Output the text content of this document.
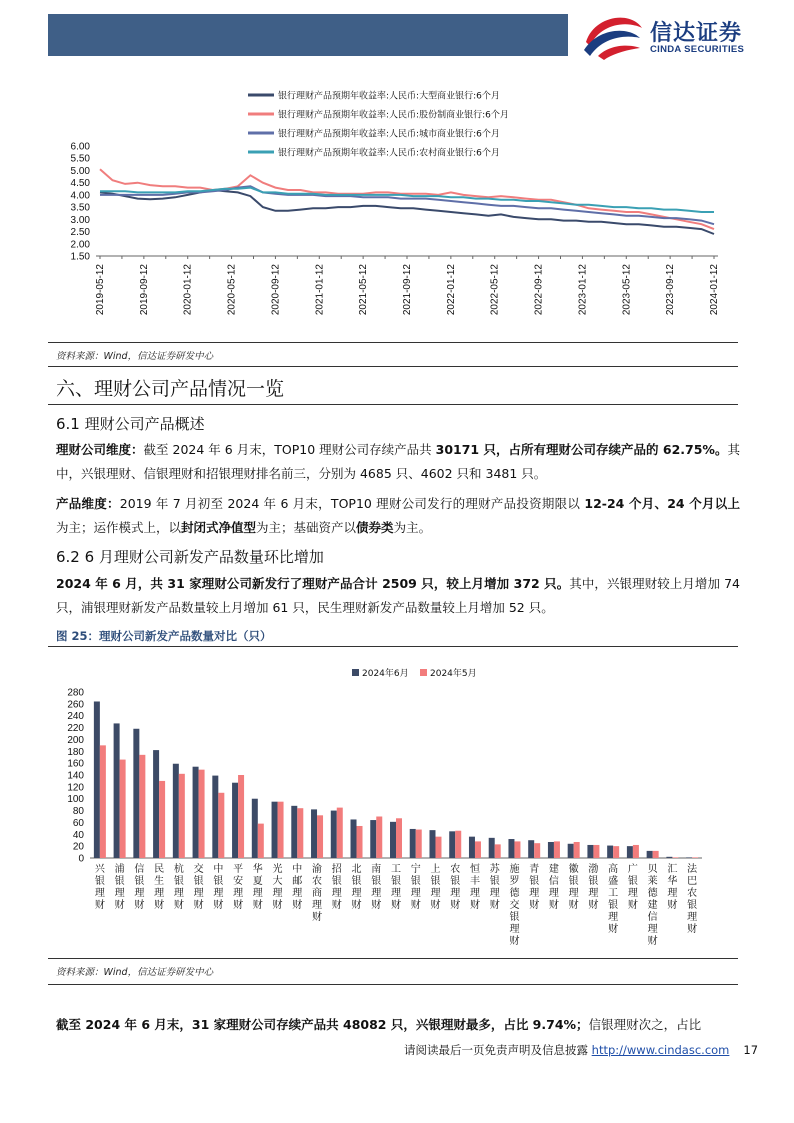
信达证券
CINDA SECURITIES
银行理财产品预期年收益率:人民币:大型商业银行:6个月
银行理财产品预期年收益率:人民币:股份制商业银行:6个月
银行理财产品预期年收益率:人民币:城市商业银行:6个月
银行理财产品预期年收益率:人民币:农村商业银行:6个月
6.00
5.50
5.00
4.50
4.00
3.50
3.00
2.50
2.00
1.50
2019-05-12	2019-09-12	2020-01-12	2020-05-12	2020-09-12	2021-01-12	2021-05-12	2021-09-12	2022-01-12	2022-05-12	2022-09-12	2023-01-12	2023-05-12	2023-09-12	2024-01-12
资料来源：Wind，信达证券研发中心
六、理财公司产品情况一览
6.1 理财公司产品概述
理财公司维度：截至 2024 年 6 月末，TOP10 理财公司存续产品共 30171 只，占所有理财公司存续产品的 62.75%。其中，兴银理财、信银理财和招银理财排名前三，分别为 4685 只、4602 只和 3481 只。
产品维度：2019 年 7 月初至 2024 年 6 月末，TOP10 理财公司发行的理财产品投资期限以 12-24 个月、24 个月以上为主；运作模式上，以封闭式净值型为主；基础资产以债券类为主。
6.2 6 月理财公司新发产品数量环比增加
2024 年 6 月，共 31 家理财公司新发行了理财产品合计 2509 只，较上月增加 372 只。其中，兴银理财较上月增加 74 只，浦银理财新发产品数量较上月增加 61 只，民生理财新发产品数量较上月增加 52 只。
图 25：理财公司新发产品数量对比（只）
2024年6月 2024年5月
280
260
240
220
200
180
160
140
120
100
80
60
40
20
0
兴银理财
浦银理财
信银理财
民生理财
杭银理财
交银理财
中银理财
平安理财
华夏理财
光大理财
中邮理财
渝农商理财
招银理财
北银理财
南银理财
工银理财
宁银理财
上银理财
农银理财
恒丰理财
苏银理财
施罗德交银理财
青银理财
建信理财
徽银理财
渤银理财
高盛工银理财
广银理财
贝莱德建信理财
汇华理财
法巴农银理财
资料来源：Wind，信达证券研发中心
截至 2024 年 6 月末，31 家理财公司存续产品共 48082 只，兴银理财最多，占比 9.74%；信银理财次之，占比
请阅读最后一页免责声明及信息披露 http://www.cindasc.com 17
